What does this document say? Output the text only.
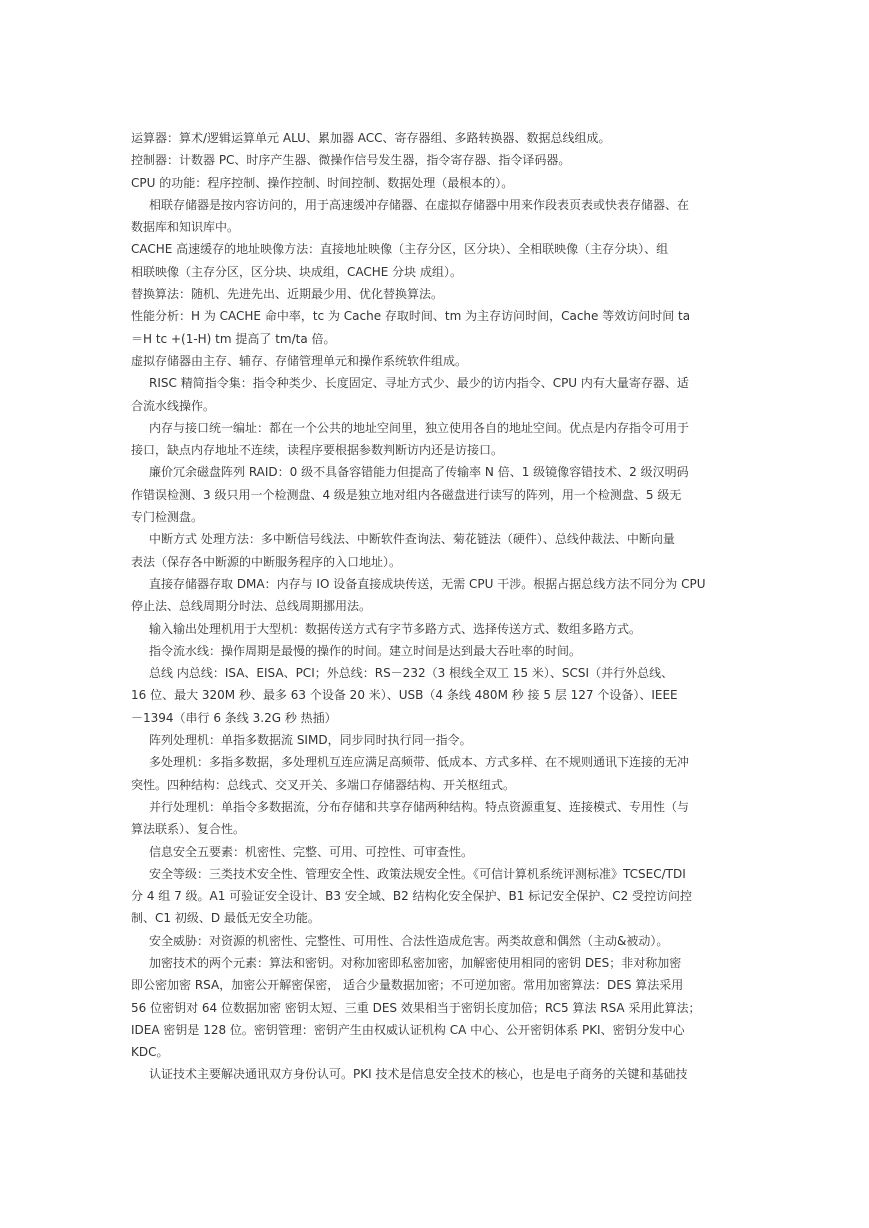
运算器：算术/逻辑运算单元 ALU、累加器 ACC、寄存器组、多路转换器、数据总线组成。
控制器：计数器 PC、时序产生器、微操作信号发生器，指令寄存器、指令译码器。
CPU 的功能：程序控制、操作控制、时间控制、数据处理（最根本的）。
相联存储器是按内容访问的，用于高速缓冲存储器、在虚拟存储器中用来作段表页表或快表存储器、在
数据库和知识库中。
CACHE 高速缓存的地址映像方法：直接地址映像（主存分区，区分块）、全相联映像（主存分块）、组
相联映像（主存分区，区分块、块成组，CACHE 分块 成组）。
替换算法：随机、先进先出、近期最少用、优化替换算法。
性能分析：H 为 CACHE 命中率，tc 为 Cache 存取时间、tm 为主存访问时间，Cache 等效访问时间 ta
＝H tc +(1-H) tm 提高了 tm/ta 倍。
虚拟存储器由主存、辅存、存储管理单元和操作系统软件组成。
RISC 精简指令集：指令种类少、长度固定、寻址方式少、最少的访内指令、CPU 内有大量寄存器、适
合流水线操作。
内存与接口统一编址：都在一个公共的地址空间里，独立使用各自的地址空间。优点是内存指令可用于
接口，缺点内存地址不连续，读程序要根据参数判断访内还是访接口。
廉价冗余磁盘阵列 RAID：0 级不具备容错能力但提高了传输率 N 倍、1 级镜像容错技术、2 级汉明码
作错误检测、3 级只用一个检测盘、4 级是独立地对组内各磁盘进行读写的阵列，用一个检测盘、5 级无
专门检测盘。
中断方式 处理方法：多中断信号线法、中断软件查询法、菊花链法（硬件）、总线仲裁法、中断向量
表法（保存各中断源的中断服务程序的入口地址）。
直接存储器存取 DMA：内存与 IO 设备直接成块传送，无需 CPU 干涉。根据占据总线方法不同分为 CPU
停止法、总线周期分时法、总线周期挪用法。
输入输出处理机用于大型机：数据传送方式有字节多路方式、选择传送方式、数组多路方式。
指令流水线：操作周期是最慢的操作的时间。建立时间是达到最大吞吐率的时间。
总线 内总线：ISA、EISA、PCI；外总线：RS－232（3 根线全双工 15 米）、SCSI（并行外总线、
16 位、最大 320M 秒、最多 63 个设备 20 米）、USB（4 条线 480M 秒 接 5 层 127 个设备）、IEEE
－1394（串行 6 条线 3.2G 秒 热插）
阵列处理机：单指多数据流 SIMD，同步同时执行同一指令。
多处理机：多指多数据，多处理机互连应满足高频带、低成本、方式多样、在不规则通讯下连接的无冲
突性。四种结构：总线式、交叉开关、多端口存储器结构、开关枢纽式。
并行处理机：单指令多数据流，分布存储和共享存储两种结构。特点资源重复、连接模式、专用性（与
算法联系）、复合性。
信息安全五要素：机密性、完整、可用、可控性、可审查性。
安全等级：三类技术安全性、管理安全性、政策法规安全性。《可信计算机系统评测标准》TCSEC/TDI
分 4 组 7 级。A1 可验证安全设计、B3 安全域、B2 结构化安全保护、B1 标记安全保护、C2 受控访问控
制、C1 初级、D 最低无安全功能。
安全威胁：对资源的机密性、完整性、可用性、合法性造成危害。两类故意和偶然（主动&被动）。
加密技术的两个元素：算法和密钥。对称加密即私密加密，加解密使用相同的密钥 DES；非对称加密
即公密加密 RSA，加密公开解密保密， 适合少量数据加密；不可逆加密。常用加密算法：DES 算法采用
56 位密钥对 64 位数据加密 密钥太短、三重 DES 效果相当于密钥长度加倍；RC5 算法 RSA 采用此算法；
IDEA 密钥是 128 位。密钥管理：密钥产生由权威认证机构 CA 中心、公开密钥体系 PKI、密钥分发中心
KDC。
认证技术主要解决通讯双方身份认可。PKI 技术是信息安全技术的核心，也是电子商务的关键和基础技
